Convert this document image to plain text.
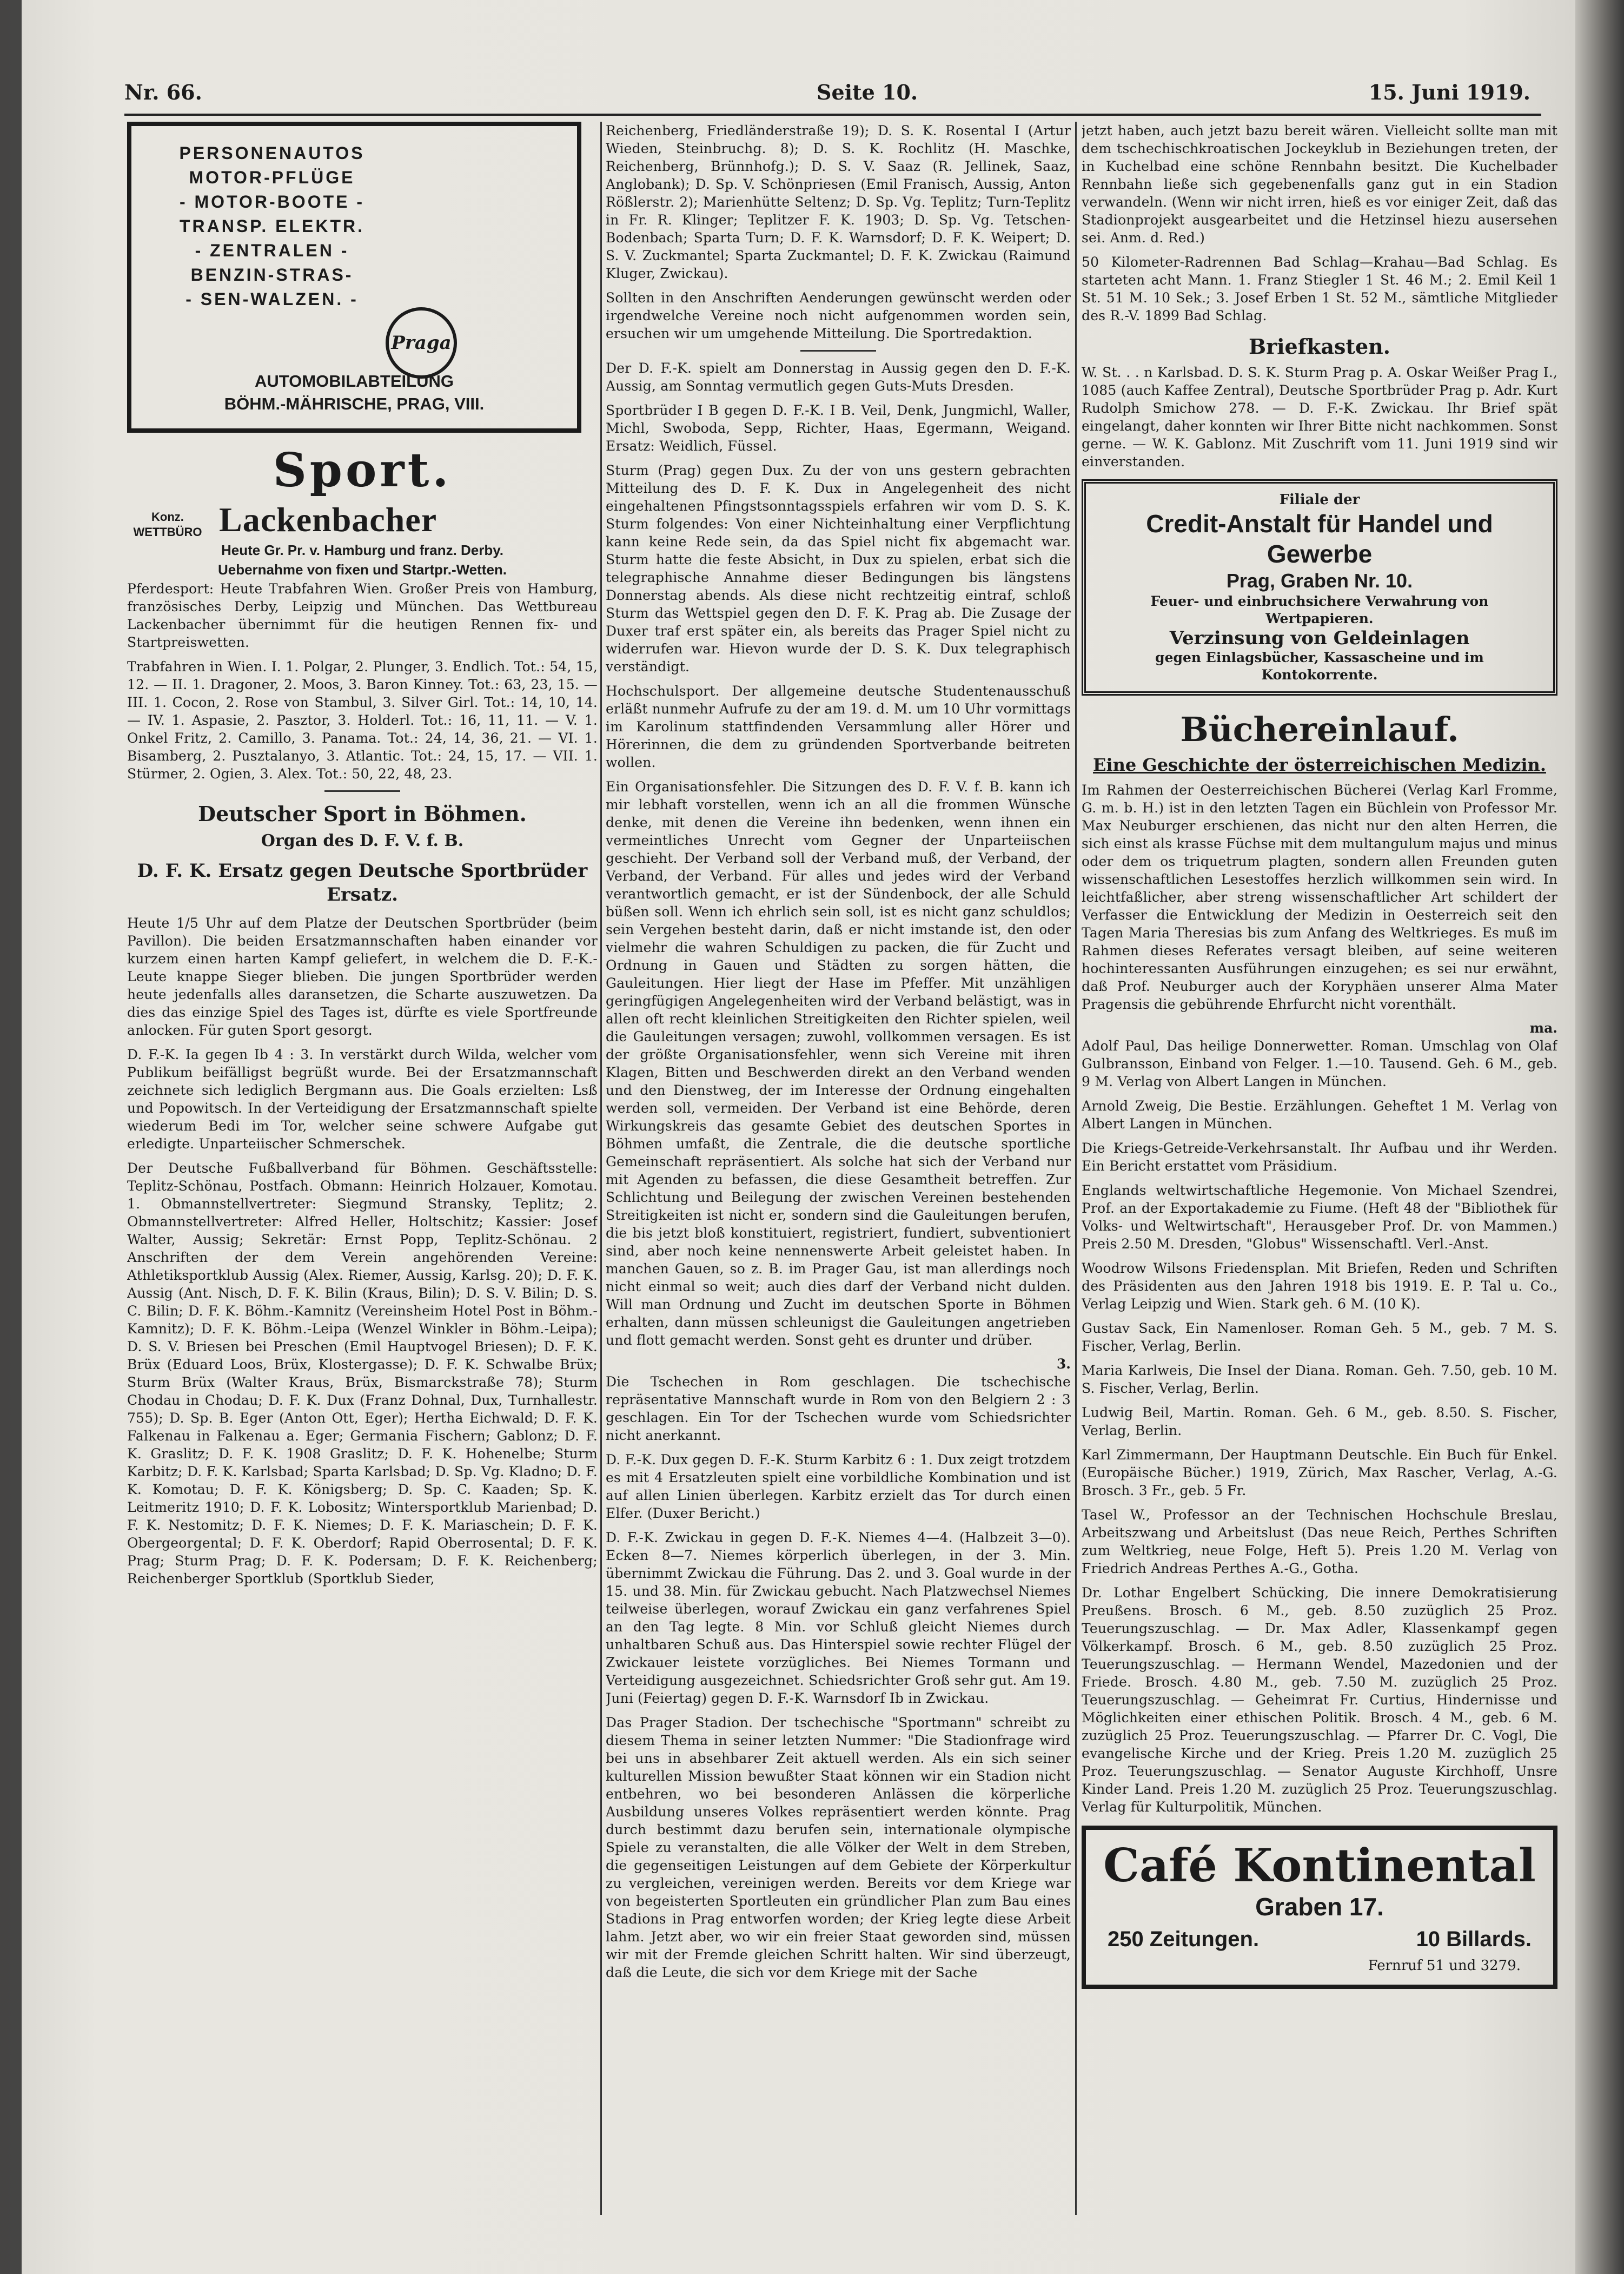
Nr. 66.	Seite 10.	15. Juni 1919.
PERSONENAUTOS
MOTOR-PFLÜGE
- MOTOR-BOOTE -
TRANSP. ELEKTR.
- ZENTRALEN -
BENZIN-STRAS-
- SEN-WALZEN. -
Praga
AUTOMOBILABTEILUNG
BÖHM.-MÄHRISCHE, PRAG, VIII.
Sport.
Konz. WETTBÜRO Lackenbacher
Heute Gr. Pr. v. Hamburg und franz. Derby.
Uebernahme von fixen und Startpr.-Wetten.

Pferdesport: Heute Trabfahren Wien. Großer Preis von Hamburg, französisches Derby, Leipzig und München. Das Wettbureau Lackenbacher übernimmt für die heutigen Rennen fix- und Startpreiswetten.

Trabfahren in Wien. I. 1. Polgar, 2. Plunger, 3. Endlich. Tot.: 54, 15, 12. — II. 1. Dragoner, 2. Moos, 3. Baron Kinney. Tot.: 63, 23, 15. — III. 1. Cocon, 2. Rose von Stambul, 3. Silver Girl. Tot.: 14, 10, 14. — IV. 1. Aspasie, 2. Pasztor, 3. Holderl. Tot.: 16, 11, 11. — V. 1. Onkel Fritz, 2. Camillo, 3. Panama. Tot.: 24, 14, 36, 21. — VI. 1. Bisamberg, 2. Pusztalanyo, 3. Atlantic. Tot.: 24, 15, 17. — VII. 1. Stürmer, 2. Ogien, 3. Alex. Tot.: 50, 22, 48, 23.

Deutscher Sport in Böhmen.
Organ des D. F. V. f. B.
D. F. K. Ersatz gegen Deutsche Sportbrüder Ersatz.

Heute 1/5 Uhr auf dem Platze der Deutschen Sportbrüder (beim Pavillon). Die beiden Ersatzmannschaften haben einander vor kurzem einen harten Kampf geliefert, in welchem die D. F.-K.-Leute knappe Sieger blieben. Die jungen Sportbrüder werden heute jedenfalls alles daransetzen, die Scharte auszuwetzen. Da dies das einzige Spiel des Tages ist, dürfte es viele Sportfreunde anlocken. Für guten Sport gesorgt.

D. F.-K. Ia gegen Ib 4 : 3. In verstärkt durch Wilda, welcher vom Publikum beifälligst begrüßt wurde. Bei der Ersatzmannschaft zeichnete sich lediglich Bergmann aus. Die Goals erzielten: Lsß und Popowitsch. In der Verteidigung der Ersatzmannschaft spielte wiederum Bedi im Tor, welcher seine schwere Aufgabe gut erledigte. Unparteiischer Schmerschek.

Der Deutsche Fußballverband für Böhmen. Geschäftsstelle: Teplitz-Schönau, Postfach. Obmann: Heinrich Holzauer, Komotau. 1. Obmannstellvertreter: Siegmund Stransky, Teplitz; 2. Obmannstellvertreter: Alfred Heller, Holtschitz; Kassier: Josef Walter, Aussig; Sekretär: Ernst Popp, Teplitz-Schönau. 2 Anschriften der dem Verein angehörenden Vereine: Athletiksportklub Aussig (Alex. Riemer, Aussig, Karlsg. 20); D. F. K. Aussig (Ant. Nisch, D. F. K. Bilin (Kraus, Bilin); D. S. V. Bilin; D. S. C. Bilin; D. F. K. Böhm.-Kamnitz (Vereinsheim Hotel Post in Böhm.-Kamnitz); D. F. K. Böhm.-Leipa (Wenzel Winkler in Böhm.-Leipa); D. S. V. Briesen bei Preschen (Emil Hauptvogel Briesen); D. F. K. Brüx (Eduard Loos, Brüx, Klostergasse); D. F. K. Schwalbe Brüx; Sturm Brüx (Walter Kraus, Brüx, Bismarckstraße 78); Sturm Chodau in Chodau; D. F. K. Dux (Franz Dohnal, Dux, Turnhallestr. 755); D. Sp. B. Eger (Anton Ott, Eger); Hertha Eichwald; D. F. K. Falkenau in Falkenau a. Eger; Germania Fischern; Gablonz; D. F. K. Graslitz; D. F. K. 1908 Graslitz; D. F. K. Hohenelbe; Sturm Karbitz; D. F. K. Karlsbad; Sparta Karlsbad; D. Sp. Vg. Kladno; D. F. K. Komotau; D. F. K. Königsberg; D. Sp. C. Kaaden; Sp. K. Leitmeritz 1910; D. F. K. Lobositz; Wintersportklub Marienbad; D. F. K. Nestomitz; D. F. K. Niemes; D. F. K. Mariaschein; D. F. K. Obergeorgental; D. F. K. Oberdorf; Rapid Oberrosental; D. F. K. Prag; Sturm Prag; D. F. K. Podersam; D. F. K. Reichenberg; Reichenberger Sportklub (Sportklub Sieder,

Reichenberg, Friedländerstraße 19); D. S. K. Rosental I (Artur Wieden, Steinbruchg. 8); D. S. K. Rochlitz (H. Maschke, Reichenberg, Brünnhofg.); D. S. V. Saaz (R. Jellinek, Saaz, Anglobank); D. Sp. V. Schönpriesen (Emil Franisch, Aussig, Anton Rößlerstr. 2); Marienhütte Seltenz; D. Sp. Vg. Teplitz; Turn-Teplitz in Fr. R. Klinger; Teplitzer F. K. 1903; D. Sp. Vg. Tetschen-Bodenbach; Sparta Turn; D. F. K. Warnsdorf; D. F. K. Weipert; D. S. V. Zuckmantel; Sparta Zuckmantel; D. F. K. Zwickau (Raimund Kluger, Zwickau).

Sollten in den Anschriften Aenderungen gewünscht werden oder irgendwelche Vereine noch nicht aufgenommen worden sein, ersuchen wir um umgehende Mitteilung. Die Sportredaktion.

Der D. F.-K. spielt am Donnerstag in Aussig gegen den D. F.-K. Aussig, am Sonntag vermutlich gegen Guts-Muts Dresden.

Sportbrüder I B gegen D. F.-K. I B. Veil, Denk, Jungmichl, Waller, Michl, Swoboda, Sepp, Richter, Haas, Egermann, Weigand. Ersatz: Weidlich, Füssel.

Sturm (Prag) gegen Dux. Zu der von uns gestern gebrachten Mitteilung des D. F. K. Dux in Angelegenheit des nicht eingehaltenen Pfingstsonntagsspiels erfahren wir vom D. S. K. Sturm folgendes: Von einer Nichteinhaltung einer Verpflichtung kann keine Rede sein, da das Spiel nicht fix abgemacht war. Sturm hatte die feste Absicht, in Dux zu spielen, erbat sich die telegraphische Annahme dieser Bedingungen bis längstens Donnerstag abends. Als diese nicht rechtzeitig eintraf, schloß Sturm das Wettspiel gegen den D. F. K. Prag ab. Die Zusage der Duxer traf erst später ein, als bereits das Prager Spiel nicht zu widerrufen war. Hievon wurde der D. S. K. Dux telegraphisch verständigt.

Hochschulsport. Der allgemeine deutsche Studentenausschuß erläßt nunmehr Aufrufe zu der am 19. d. M. um 10 Uhr vormittags im Karolinum stattfindenden Versammlung aller Hörer und Hörerinnen, die dem zu gründenden Sportverbande beitreten wollen.

Ein Organisationsfehler. Die Sitzungen des D. F. V. f. B. kann ich mir lebhaft vorstellen, wenn ich an all die frommen Wünsche denke, mit denen die Vereine ihn bedenken, wenn ihnen ein vermeintliches Unrecht vom Gegner der Unparteiischen geschieht. Der Verband soll der Verband muß, der Verband, der Verband, der Verband. Für alles und jedes wird der Verband verantwortlich gemacht, er ist der Sündenbock, der alle Schuld büßen soll. Wenn ich ehrlich sein soll, ist es nicht ganz schuldlos; sein Vergehen besteht darin, daß er nicht imstande ist, den oder vielmehr die wahren Schuldigen zu packen, die für Zucht und Ordnung in Gauen und Städten zu sorgen hätten, die Gauleitungen. Hier liegt der Hase im Pfeffer. Mit unzähligen geringfügigen Angelegenheiten wird der Verband belästigt, was in allen oft recht kleinlichen Streitigkeiten den Richter spielen, weil die Gauleitungen versagen; zuwohl, vollkommen versagen. Es ist der größte Organisationsfehler, wenn sich Vereine mit ihren Klagen, Bitten und Beschwerden direkt an den Verband wenden und den Dienstweg, der im Interesse der Ordnung eingehalten werden soll, vermeiden. Der Verband ist eine Behörde, deren Wirkungskreis das gesamte Gebiet des deutschen Sportes in Böhmen umfaßt, die Zentrale, die die deutsche sportliche Gemeinschaft repräsentiert. Als solche hat sich der Verband nur mit Agenden zu befassen, die diese Gesamtheit betreffen. Zur Schlichtung und Beilegung der zwischen Vereinen bestehenden Streitigkeiten ist nicht er, sondern sind die Gauleitungen berufen, die bis jetzt bloß konstituiert, registriert, fundiert, subventioniert sind, aber noch keine nennenswerte Arbeit geleistet haben. In manchen Gauen, so z. B. im Prager Gau, ist man allerdings noch nicht einmal so weit; auch dies darf der Verband nicht dulden. Will man Ordnung und Zucht im deutschen Sporte in Böhmen erhalten, dann müssen schleunigst die Gauleitungen angetrieben und flott gemacht werden. Sonst geht es drunter und drüber.

3.

Die Tschechen in Rom geschlagen. Die tschechische repräsentative Mannschaft wurde in Rom von den Belgiern 2 : 3 geschlagen. Ein Tor der Tschechen wurde vom Schiedsrichter nicht anerkannt.

D. F.-K. Dux gegen D. F.-K. Sturm Karbitz 6 : 1. Dux zeigt trotzdem es mit 4 Ersatzleuten spielt eine vorbildliche Kombination und ist auf allen Linien überlegen. Karbitz erzielt das Tor durch einen Elfer. (Duxer Bericht.)

D. F.-K. Zwickau in gegen D. F.-K. Niemes 4—4. (Halbzeit 3—0). Ecken 8—7. Niemes körperlich überlegen, in der 3. Min. übernimmt Zwickau die Führung. Das 2. und 3. Goal wurde in der 15. und 38. Min. für Zwickau gebucht. Nach Platzwechsel Niemes teilweise überlegen, worauf Zwickau ein ganz verfahrenes Spiel an den Tag legte. 8 Min. vor Schluß gleicht Niemes durch unhaltbaren Schuß aus. Das Hinterspiel sowie rechter Flügel der Zwickauer leistete vorzügliches. Bei Niemes Tormann und Verteidigung ausgezeichnet. Schiedsrichter Groß sehr gut. Am 19. Juni (Feiertag) gegen D. F.-K. Warnsdorf Ib in Zwickau.

Das Prager Stadion. Der tschechische "Sportmann" schreibt zu diesem Thema in seiner letzten Nummer: "Die Stadionfrage wird bei uns in absehbarer Zeit aktuell werden. Als ein sich seiner kulturellen Mission bewußter Staat können wir ein Stadion nicht entbehren, wo bei besonderen Anlässen die körperliche Ausbildung unseres Volkes repräsentiert werden könnte. Prag durch bestimmt dazu berufen sein, internationale olympische Spiele zu veranstalten, die alle Völker der Welt in dem Streben, die gegenseitigen Leistungen auf dem Gebiete der Körperkultur zu vergleichen, vereinigen werden. Bereits vor dem Kriege war von begeisterten Sportleuten ein gründlicher Plan zum Bau eines Stadions in Prag entworfen worden; der Krieg legte diese Arbeit lahm. Jetzt aber, wo wir ein freier Staat geworden sind, müssen wir mit der Fremde gleichen Schritt halten. Wir sind überzeugt, daß die Leute, die sich vor dem Kriege mit der Sache

jetzt haben, auch jetzt bazu bereit wären. Vielleicht sollte man mit dem tschechischkroatischen Jockeyklub in Beziehungen treten, der in Kuchelbad eine schöne Rennbahn besitzt. Die Kuchelbader Rennbahn ließe sich gegebenenfalls ganz gut in ein Stadion verwandeln. (Wenn wir nicht irren, hieß es vor einiger Zeit, daß das Stadionprojekt ausgearbeitet und die Hetzinsel hiezu ausersehen sei. Anm. d. Red.)

50 Kilometer-Radrennen Bad Schlag—Krahau—Bad Schlag. Es starteten acht Mann. 1. Franz Stiegler 1 St. 46 M.; 2. Emil Keil 1 St. 51 M. 10 Sek.; 3. Josef Erben 1 St. 52 M., sämtliche Mitglieder des R.-V. 1899 Bad Schlag.

Briefkasten.

W. St. . . n Karlsbad. D. S. K. Sturm Prag p. A. Oskar Weißer Prag I., 1085 (auch Kaffee Zentral), Deutsche Sportbrüder Prag p. Adr. Kurt Rudolph Smichow 278. — D. F.-K. Zwickau. Ihr Brief spät eingelangt, daher konnten wir Ihrer Bitte nicht nachkommen. Sonst gerne. — W. K. Gablonz. Mit Zuschrift vom 11. Juni 1919 sind wir einverstanden.

Filiale der
Credit-Anstalt für Handel und Gewerbe
Prag, Graben Nr. 10.
Feuer- und einbruchsichere Verwahrung von Wertpapieren.
Verzinsung von Geldeinlagen
gegen Einlagsbücher, Kassascheine und im Kontokorrente.
Büchereinlauf.
Eine Geschichte der österreichischen Medizin.

Im Rahmen der Oesterreichischen Bücherei (Verlag Karl Fromme, G. m. b. H.) ist in den letzten Tagen ein Büchlein von Professor Mr. Max Neuburger erschienen, das nicht nur den alten Herren, die sich einst als krasse Füchse mit dem multangulum majus und minus oder dem os triquetrum plagten, sondern allen Freunden guten wissenschaftlichen Lesestoffes herzlich willkommen sein wird. In leichtfaßlicher, aber streng wissenschaftlicher Art schildert der Verfasser die Entwicklung der Medizin in Oesterreich seit den Tagen Maria Theresias bis zum Anfang des Weltkrieges. Es muß im Rahmen dieses Referates versagt bleiben, auf seine weiteren hochinteressanten Ausführungen einzugehen; es sei nur erwähnt, daß Prof. Neuburger auch der Koryphäen unserer Alma Mater Pragensis die gebührende Ehrfurcht nicht vorenthält.

ma.

Adolf Paul, Das heilige Donnerwetter. Roman. Umschlag von Olaf Gulbransson, Einband von Felger. 1.—10. Tausend. Geh. 6 M., geb. 9 M. Verlag von Albert Langen in München.

Arnold Zweig, Die Bestie. Erzählungen. Geheftet 1 M. Verlag von Albert Langen in München.

Die Kriegs-Getreide-Verkehrsanstalt. Ihr Aufbau und ihr Werden. Ein Bericht erstattet vom Präsidium.

Englands weltwirtschaftliche Hegemonie. Von Michael Szendrei, Prof. an der Exportakademie zu Fiume. (Heft 48 der "Bibliothek für Volks- und Weltwirtschaft", Herausgeber Prof. Dr. von Mammen.) Preis 2.50 M. Dresden, "Globus" Wissenschaftl. Verl.-Anst.

Woodrow Wilsons Friedensplan. Mit Briefen, Reden und Schriften des Präsidenten aus den Jahren 1918 bis 1919. E. P. Tal u. Co., Verlag Leipzig und Wien. Stark geh. 6 M. (10 K).

Gustav Sack, Ein Namenloser. Roman Geh. 5 M., geb. 7 M. S. Fischer, Verlag, Berlin.

Maria Karlweis, Die Insel der Diana. Roman. Geh. 7.50, geb. 10 M. S. Fischer, Verlag, Berlin.

Ludwig Beil, Martin. Roman. Geh. 6 M., geb. 8.50. S. Fischer, Verlag, Berlin.

Karl Zimmermann, Der Hauptmann Deutschle. Ein Buch für Enkel. (Europäische Bücher.) 1919, Zürich, Max Rascher, Verlag, A.-G. Brosch. 3 Fr., geb. 5 Fr.

Tasel W., Professor an der Technischen Hochschule Breslau, Arbeitszwang und Arbeitslust (Das neue Reich, Perthes Schriften zum Weltkrieg, neue Folge, Heft 5). Preis 1.20 M. Verlag von Friedrich Andreas Perthes A.-G., Gotha.

Dr. Lothar Engelbert Schücking, Die innere Demokratisierung Preußens. Brosch. 6 M., geb. 8.50 zuzüglich 25 Proz. Teuerungszuschlag. — Dr. Max Adler, Klassenkampf gegen Völkerkampf. Brosch. 6 M., geb. 8.50 zuzüglich 25 Proz. Teuerungszuschlag. — Hermann Wendel, Mazedonien und der Friede. Brosch. 4.80 M., geb. 7.50 M. zuzüglich 25 Proz. Teuerungszuschlag. — Geheimrat Fr. Curtius, Hindernisse und Möglichkeiten einer ethischen Politik. Brosch. 4 M., geb. 6 M. zuzüglich 25 Proz. Teuerungszuschlag. — Pfarrer Dr. C. Vogl, Die evangelische Kirche und der Krieg. Preis 1.20 M. zuzüglich 25 Proz. Teuerungszuschlag. — Senator Auguste Kirchhoff, Unsre Kinder Land. Preis 1.20 M. zuzüglich 25 Proz. Teuerungszuschlag. Verlag für Kulturpolitik, München.

Café Kontinental
Graben 17.
250 Zeitungen.	10 Billards.
Fernruf 51 und 3279.
